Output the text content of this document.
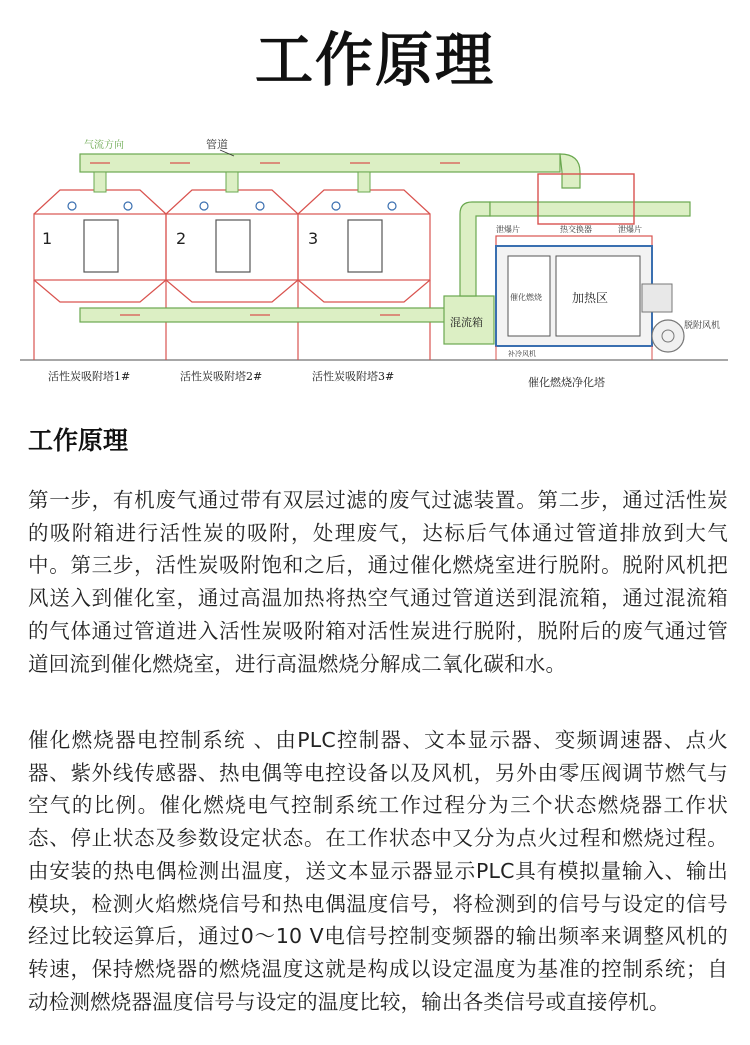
工作原理
气流方向	管道
1	2	3
混流箱
泄爆片	热交换器	泄爆片
催化燃烧	加热区
补冷风机
脱附风机
活性炭吸附塔1#	活性炭吸附塔2#	活性炭吸附塔3#	催化燃烧净化塔
工作原理

第一步，有机废气通过带有双层过滤的废气过滤装置。第二步，通过活性炭的吸附箱进行活性炭的吸附，处理废气，达标后气体通过管道排放到大气中。第三步，活性炭吸附饱和之后，通过催化燃烧室进行脱附。脱附风机把风送入到催化室，通过高温加热将热空气通过管道送到混流箱，通过混流箱的气体通过管道进入活性炭吸附箱对活性炭进行脱附，脱附后的废气通过管道回流到催化燃烧室，进行高温燃烧分解成二氧化碳和水。

催化燃烧器电控制系统 、由PLC控制器、文本显示器、变频调速器、点火器、紫外线传感器、热电偶等电控设备以及风机，另外由零压阀调节燃气与空气的比例。催化燃烧电气控制系统工作过程分为三个状态燃烧器工作状态、停止状态及参数设定状态。在工作状态中又分为点火过程和燃烧过程。由安装的热电偶检测出温度，送文本显示器显示PLC具有模拟量输入、输出模块，检测火焰燃烧信号和热电偶温度信号，将检测到的信号与设定的信号经过比较运算后，通过0～10 V电信号控制变频器的输出频率来调整风机的转速，保持燃烧器的燃烧温度这就是构成以设定温度为基准的控制系统；自动检测燃烧器温度信号与设定的温度比较，输出各类信号或直接停机。
